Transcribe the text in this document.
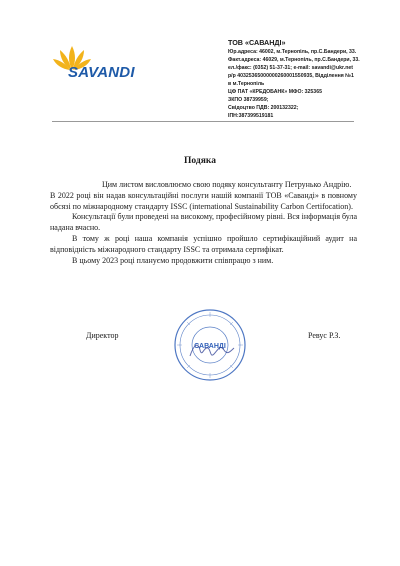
SAVANDI
ТОВ «САВАНДІ»
Юр.адреса: 46002, м.Тернопіль, пр.С.Бандери, 33.
Факт.адреса: 46029, м.Тернопіль, пр.С.Бандери, 33.
ел./факс: (0352) 51-37-31; e-mail: savandi@ukr.net
р/р 40325365000000260001550935, Відділення №1
в м.Тернопіль
ЦФ ПАТ «КРЕДОБАНК» МФО: 325365
ЗКПО 38739959;
Свідоцтво ПДВ: 200132322;
ІПН:387399519181
Подяка

Цим листом висловлюємо свою подяку консультанту Петрунько Андрію.

В 2022 році він надав консультаційні послуги нашій компанії ТОВ «Саванді» в повному обсязі по міжнародному стандарту ISSC (international Sustainability Carbon Certifocation).

Консультації були проведені на високому, професійному рівні. Вся інформація була надана вчасно.

В тому ж році наша компанія успішно пройшло сертифікаційний аудит на відповідність міжнародного стандарту ISSC та отримала сертифікат.

В цьому 2023 році плануємо продовжити співпрацю з ним.

САВАНДІ
Директор	Ревус Р.З.
